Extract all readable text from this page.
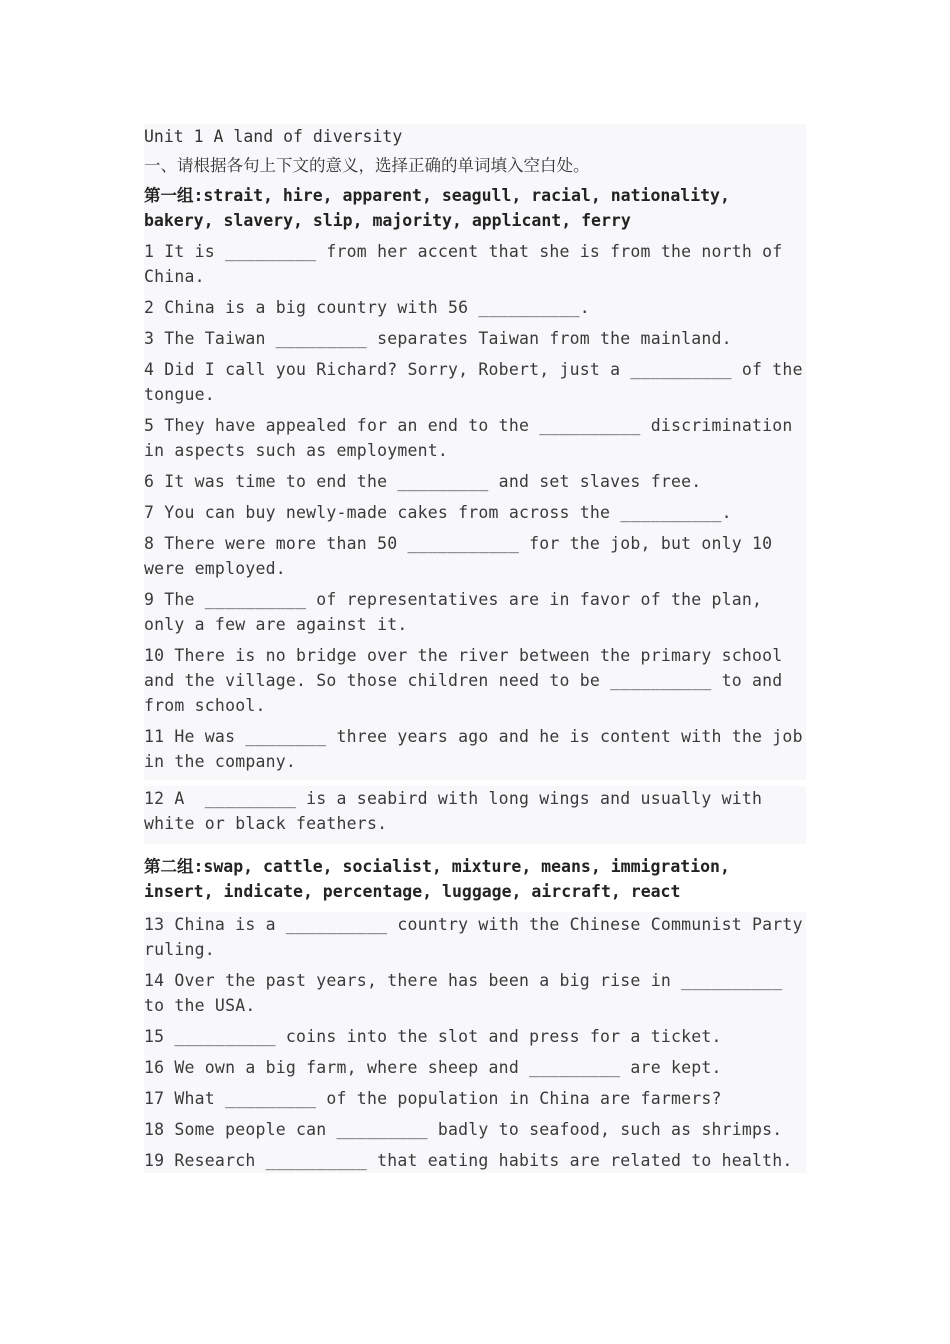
Unit 1 A land of diversity
一、请根据各句上下文的意义，选择正确的单词填入空白处。
第一组:strait, hire, apparent, seagull, racial, nationality, bakery, slavery, slip, majority, applicant, ferry
1 It is _________ from her accent that she is from the north of China.
2 China is a big country with 56 __________.
3 The Taiwan _________ separates Taiwan from the mainland.
4 Did I call you Richard? Sorry, Robert, just a __________ of the tongue.
5 They have appealed for an end to the __________ discrimination in aspects such as employment.
6 It was time to end the _________ and set slaves free.
7 You can buy newly-made cakes from across the __________.
8 There were more than 50 ___________ for the job, but only 10 were employed.
9 The __________ of representatives are in favor of the plan, only a few are against it.
10 There is no bridge over the river between the primary school and the village. So those children need to be __________ to and from school.
11 He was ________ three years ago and he is content with the job in the company.
12 A  _________ is a seabird with long wings and usually with white or black feathers.
第二组:swap, cattle, socialist, mixture, means, immigration, insert, indicate, percentage, luggage, aircraft, react
13 China is a __________ country with the Chinese Communist Party ruling.
14 Over the past years, there has been a big rise in __________ to the USA.
15 __________ coins into the slot and press for a ticket.
16 We own a big farm, where sheep and _________ are kept.
17 What _________ of the population in China are farmers?
18 Some people can _________ badly to seafood, such as shrimps.
19 Research __________ that eating habits are related to health.
